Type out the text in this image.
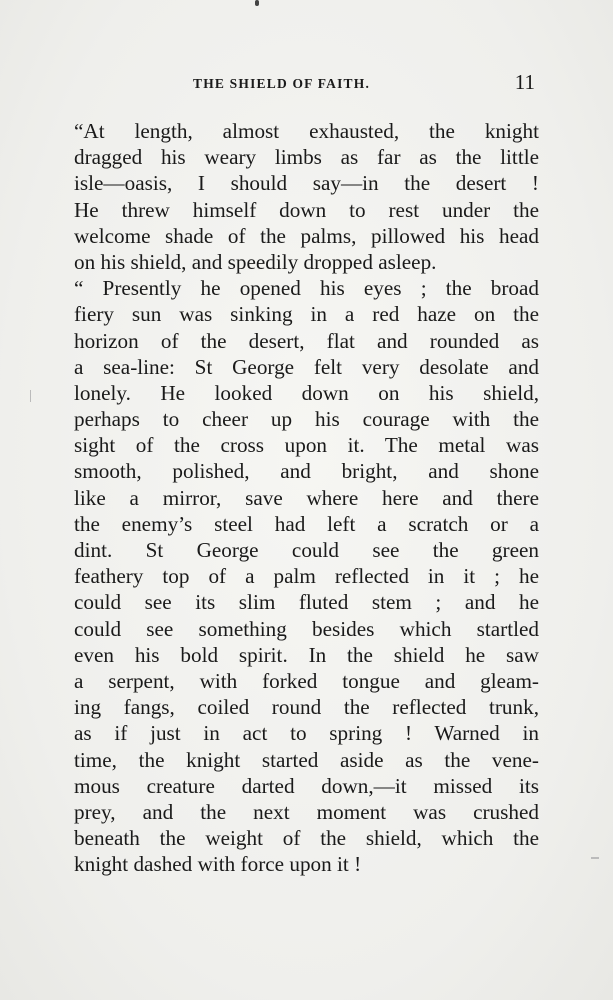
THE SHIELD OF FAITH.	11
“At length, almost exhausted, the knight
dragged his weary limbs as far as the little
isle—oasis, I should say—in the desert !
He threw himself down to rest under the
welcome shade of the palms, pillowed his head
on his shield, and speedily dropped asleep.
“ Presently he opened his eyes ; the broad
fiery sun was sinking in a red haze on the
horizon of the desert, flat and rounded as
a sea-line: St George felt very desolate and
lonely. He looked down on his shield,
perhaps to cheer up his courage with the
sight of the cross upon it. The metal was
smooth, polished, and bright, and shone
like a mirror, save where here and there
the enemy’s steel had left a scratch or a
dint. St George could see the green
feathery top of a palm reflected in it ; he
could see its slim fluted stem ; and he
could see something besides which startled
even his bold spirit. In the shield he saw
a serpent, with forked tongue and gleam-
ing fangs, coiled round the reflected trunk,
as if just in act to spring ! Warned in
time, the knight started aside as the vene-
mous creature darted down,—it missed its
prey, and the next moment was crushed
beneath the weight of the shield, which the
knight dashed with force upon it !
